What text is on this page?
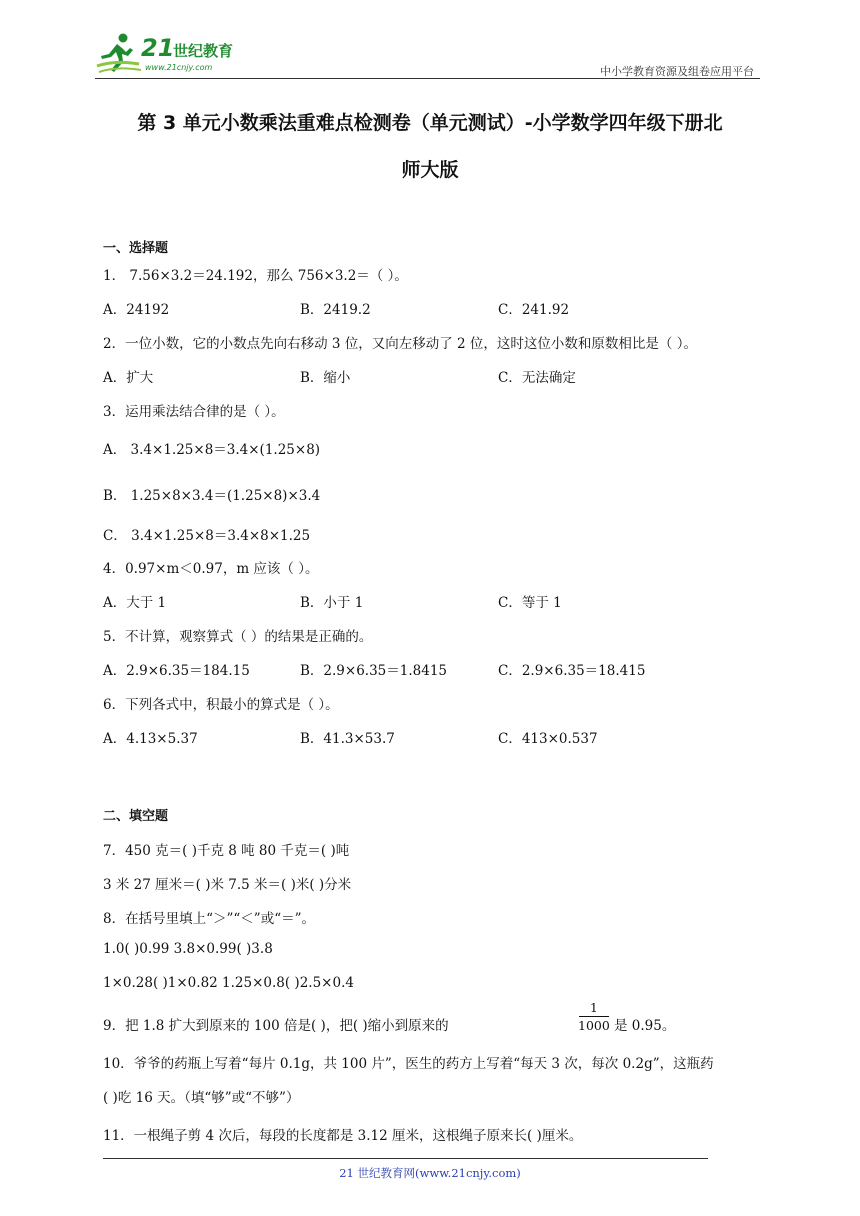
21
世纪教育
www.21cnjy.com	中小学教育资源及组卷应用平台
第 3 单元小数乘法重难点检测卷（单元测试）-小学数学四年级下册北
师大版
一、选择题
1． 7.56×3.2＝24.192，那么 756×3.2＝（ ）。
A．24192	B．2419.2	C．241.92
2．一位小数，它的小数点先向右移动 3 位，又向左移动了 2 位，这时这位小数和原数相比是（ ）。
A．扩大	B．缩小	C．无法确定
3．运用乘法结合律的是（ ）。
A． 3.4×1.25×8＝3.4×(1.25×8)
B． 1.25×8×3.4＝(1.25×8)×3.4
C． 3.4×1.25×8＝3.4×8×1.25
4．0.97×m＜0.97，m 应该（ ）。
A．大于 1	B．小于 1	C．等于 1
5．不计算，观察算式（ ）的结果是正确的。
A．2.9×6.35＝184.15	B．2.9×6.35＝1.8415	C．2.9×6.35＝18.415
6．下列各式中，积最小的算式是（ ）。
A．4.13×5.37	B．41.3×53.7	C．413×0.537
二、填空题
7．450 克＝( )千克 8 吨 80 千克＝( )吨
3 米 27 厘米＝( )米 7.5 米＝( )米( )分米
8．在括号里填上“＞”“＜”或“＝”。
1.0( )0.99 3.8×0.99( )3.8
1×0.28( )1×0.82 1.25×0.8( )2.5×0.4
9．把 1.8 扩大到原来的 100 倍是( )，把( )缩小到原来的
1
1000 是 0.95。
10．爷爷的药瓶上写着“每片 0.1g，共 100 片”，医生的药方上写着“每天 3 次，每次 0.2g”，这瓶药
( )吃 16 天。（填“够”或“不够”）
11．一根绳子剪 4 次后，每段的长度都是 3.12 厘米，这根绳子原来长( )厘米。
21 世纪教育网(www.21cnjy.com)
